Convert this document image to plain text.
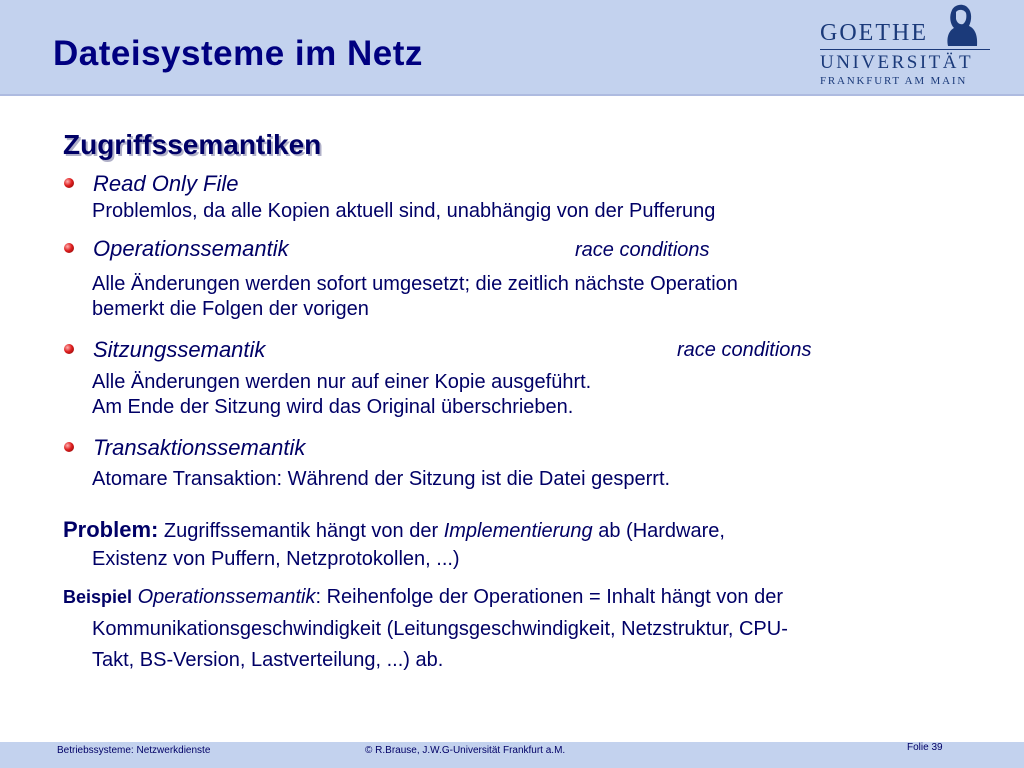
Dateisysteme im Netz
GOETHE
UNIVERSITÄT
FRANKFURT AM MAIN
Zugriffssemantiken
Read Only File
Problemlos, da alle Kopien aktuell sind, unabhängig von der Pufferung
Operationssemantik	race conditions
Alle Änderungen werden sofort umgesetzt; die zeitlich nächste Operation
bemerkt die Folgen der vorigen
Sitzungssemantik	race conditions
Alle Änderungen werden nur auf einer Kopie ausgeführt.
Am Ende der Sitzung wird das Original überschrieben.
Transaktionssemantik
Atomare Transaktion: Während der Sitzung ist die Datei gesperrt.
Problem: Zugriffssemantik hängt von der Implementierung ab (Hardware,
Existenz von Puffern, Netzprotokollen, ...)
Beispiel Operationssemantik: Reihenfolge der Operationen = Inhalt hängt von der
Kommunikationsgeschwindigkeit (Leitungsgeschwindigkeit, Netzstruktur, CPU-
Takt, BS-Version, Lastverteilung, ...) ab.
Betriebssysteme: Netzwerkdienste	© R.Brause, J.W.G-Universität Frankfurt a.M.	Folie 39
